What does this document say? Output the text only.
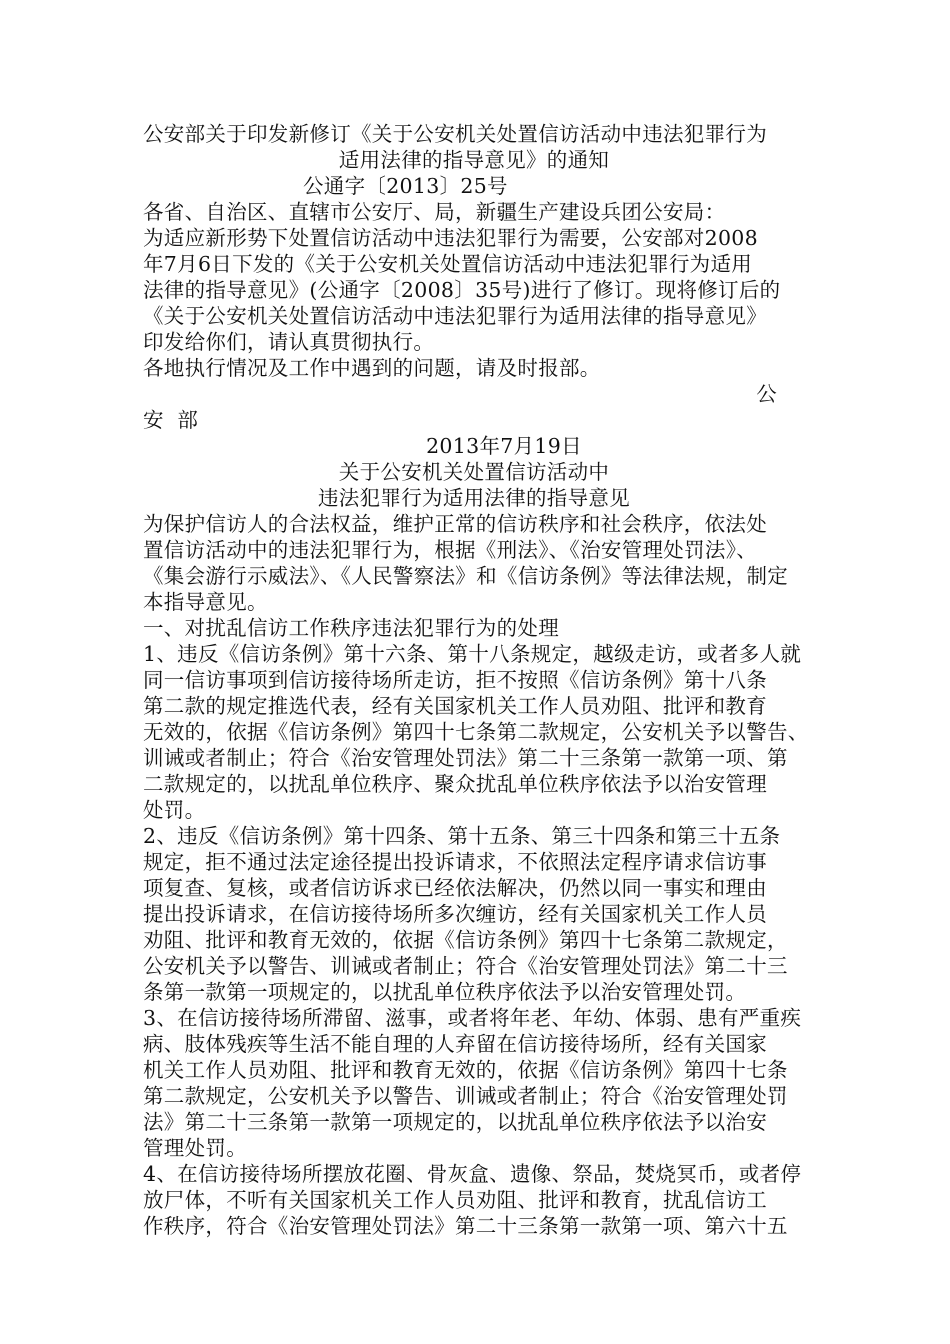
公安部关于印发新修订《关于公安机关处置信访活动中违法犯罪行为
适用法律的指导意见》的通知
公通字〔2013〕25号
各省、自治区、直辖市公安厅、局，新疆生产建设兵团公安局：
为适应新形势下处置信访活动中违法犯罪行为需要，公安部对2008
年7月6日下发的《关于公安机关处置信访活动中违法犯罪行为适用
法律的指导意见》(公通字〔2008〕35号)进行了修订。现将修订后的
《关于公安机关处置信访活动中违法犯罪行为适用法律的指导意见》
印发给你们，请认真贯彻执行。
各地执行情况及工作中遇到的问题，请及时报部。
公
安  部
2013年7月19日
关于公安机关处置信访活动中
违法犯罪行为适用法律的指导意见
为保护信访人的合法权益，维护正常的信访秩序和社会秩序，依法处
置信访活动中的违法犯罪行为，根据《刑法》、《治安管理处罚法》、
《集会游行示威法》、《人民警察法》和《信访条例》等法律法规，制定
本指导意见。
一、对扰乱信访工作秩序违法犯罪行为的处理
1、违反《信访条例》第十六条、第十八条规定，越级走访，或者多人就
同一信访事项到信访接待场所走访，拒不按照《信访条例》第十八条
第二款的规定推选代表，经有关国家机关工作人员劝阻、批评和教育
无效的，依据《信访条例》第四十七条第二款规定，公安机关予以警告、
训诫或者制止；符合《治安管理处罚法》第二十三条第一款第一项、第
二款规定的，以扰乱单位秩序、聚众扰乱单位秩序依法予以治安管理
处罚。
2、违反《信访条例》第十四条、第十五条、第三十四条和第三十五条
规定，拒不通过法定途径提出投诉请求，不依照法定程序请求信访事
项复查、复核，或者信访诉求已经依法解决，仍然以同一事实和理由
提出投诉请求，在信访接待场所多次缠访，经有关国家机关工作人员
劝阻、批评和教育无效的，依据《信访条例》第四十七条第二款规定，
公安机关予以警告、训诫或者制止；符合《治安管理处罚法》第二十三
条第一款第一项规定的，以扰乱单位秩序依法予以治安管理处罚。
3、在信访接待场所滞留、滋事，或者将年老、年幼、体弱、患有严重疾
病、肢体残疾等生活不能自理的人弃留在信访接待场所，经有关国家
机关工作人员劝阻、批评和教育无效的，依据《信访条例》第四十七条
第二款规定，公安机关予以警告、训诫或者制止；符合《治安管理处罚
法》第二十三条第一款第一项规定的，以扰乱单位秩序依法予以治安
管理处罚。
4、在信访接待场所摆放花圈、骨灰盒、遗像、祭品，焚烧冥币，或者停
放尸体，不听有关国家机关工作人员劝阻、批评和教育，扰乱信访工
作秩序，符合《治安管理处罚法》第二十三条第一款第一项、第六十五
